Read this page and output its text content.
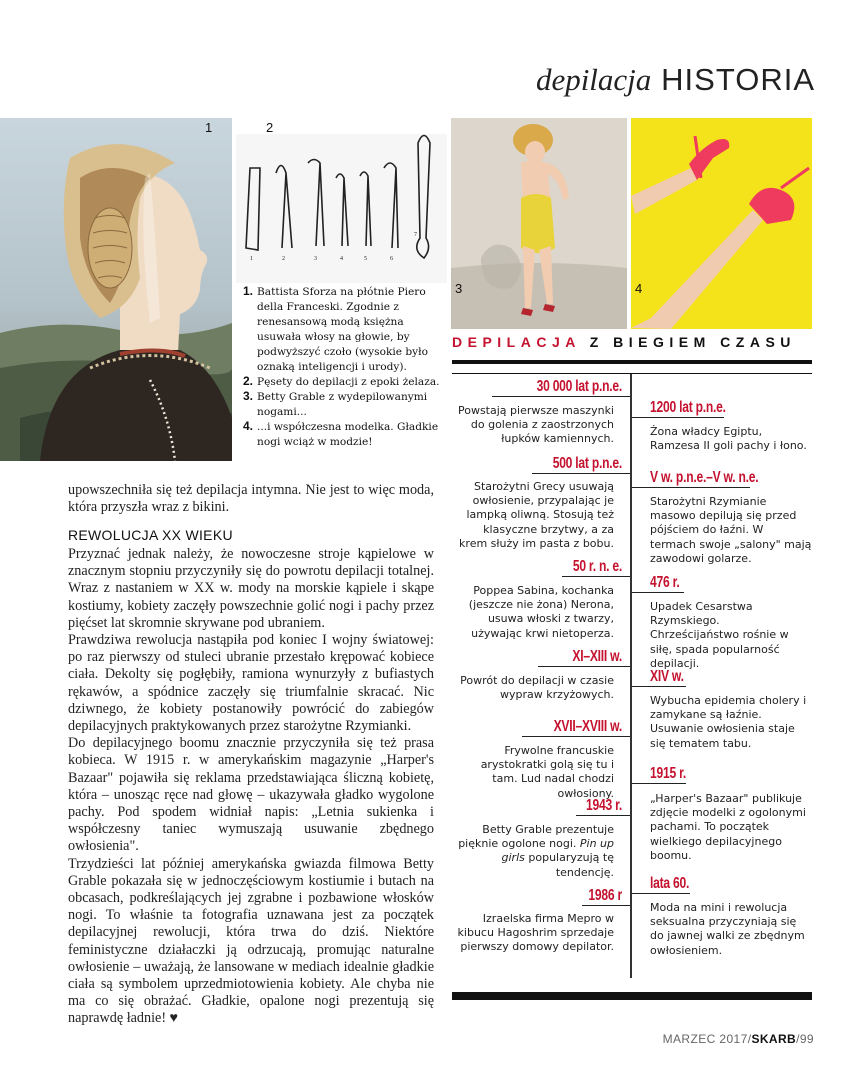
depilacja HISTORIA
1
1	2	3	4	5	6
7
2
3	4
1. Battista Sforza na płótnie Piero della Franceski. Zgodnie z renesansową modą księżna usuwała włosy na głowie, by podwyższyć czoło (wysokie było oznaką inteligencji i urody).
2. Pęsety do depilacji z epoki żelaza.
3. Betty Grable z wydepilowanymi nogami...
4. ...i współczesna modelka. Gładkie nogi wciąż w modzie!

upowszechniła się też depilacja intymna. Nie jest to więc moda, która przyszła wraz z bikini.

REWOLUCJA XX WIEKU

Przyznać jednak należy, że nowoczesne stroje kąpielowe w znacznym stopniu przyczyniły się do powrotu depilacji totalnej. Wraz z nastaniem w XX w. mody na morskie kąpiele i skąpe kostiumy, kobiety zaczęły powszechnie golić nogi i pachy przez pięćset lat skromnie skrywane pod ubraniem.

Prawdziwa rewolucja nastąpiła pod koniec I wojny światowej: po raz pierwszy od stuleci ubranie przestało krępować kobiece ciała. Dekolty się pogłębiły, ramiona wynurzyły z bufiastych rękawów, a spódnice zaczęły się triumfalnie skracać. Nic dziwnego, że kobiety postanowiły powrócić do zabiegów depilacyjnych praktykowanych przez starożytne Rzymianki.

Do depilacyjnego boomu znacznie przyczyniła się też prasa kobieca. W 1915 r. w amerykańskim magazynie „Harper's Bazaar" pojawiła się reklama przedstawiająca śliczną kobietę, która – unosząc ręce nad głowę – ukazywała gładko wygolone pachy. Pod spodem widniał napis: „Letnia sukienka i współczesny taniec wymuszają usuwanie zbędnego owłosienia".

Trzydzieści lat później amerykańska gwiazda filmowa Betty Grable pokazała się w jednoczęściowym kostiumie i butach na obcasach, podkreślających jej zgrabne i pozbawione włosków nogi. To właśnie ta fotografia uznawana jest za początek depilacyjnej rewolucji, która trwa do dziś. Niektóre feministyczne działaczki ją odrzucają, promując naturalne owłosienie – uważają, że lansowane w mediach idealnie gładkie ciała są symbolem uprzedmiotowienia kobiety. Ale chyba nie ma co się obrażać. Gładkie, opalone nogi prezentują się naprawdę ładnie! ♥

DEPILACJA Z BIEGIEM CZASU
30 000 lat p.n.e.
Powstają pierwsze maszynki do golenia z zaostrzonych łupków kamiennych.
500 lat p.n.e.
Starożytni Grecy usuwają owłosienie, przypalając je lampką oliwną. Stosują też klasyczne brzytwy, a za krem służy im pasta z bobu.
50 r. n. e.
Poppea Sabina, kochanka (jeszcze nie żona) Nerona, usuwa włoski z twarzy, używając krwi nietoperza.
XI–XIII w.
Powrót do depilacji w czasie wypraw krzyżowych.
XVII–XVIII w.
Frywolne francuskie arystokratki golą się tu i tam. Lud nadal chodzi owłosiony.
1943 r.
Betty Grable prezentuje pięknie ogolone nogi. Pin up girls popularyzują tę tendencję.
1986 r
Izraelska firma Mepro w kibucu Hagoshrim sprzedaje pierwszy domowy depilator.
1200 lat p.n.e.
Żona władcy Egiptu, Ramzesa II goli pachy i łono.
V w. p.n.e.–V w. n.e.
Starożytni Rzymianie masowo depilują się przed pójściem do łaźni. W termach swoje „salony" mają zawodowi golarze.
476 r.
Upadek Cesarstwa Rzymskiego. Chrześcijaństwo rośnie w siłę, spada popularność depilacji.
XIV w.
Wybucha epidemia cholery i zamykane są łaźnie. Usuwanie owłosienia staje się tematem tabu.
1915 r.
„Harper's Bazaar" publikuje zdjęcie modelki z ogolonymi pachami. To początek wielkiego depilacyjnego boomu.
lata 60.
Moda na mini i rewolucja seksualna przyczyniają się do jawnej walki ze zbędnym owłosieniem.
MARZEC 2017/SKARB/99
